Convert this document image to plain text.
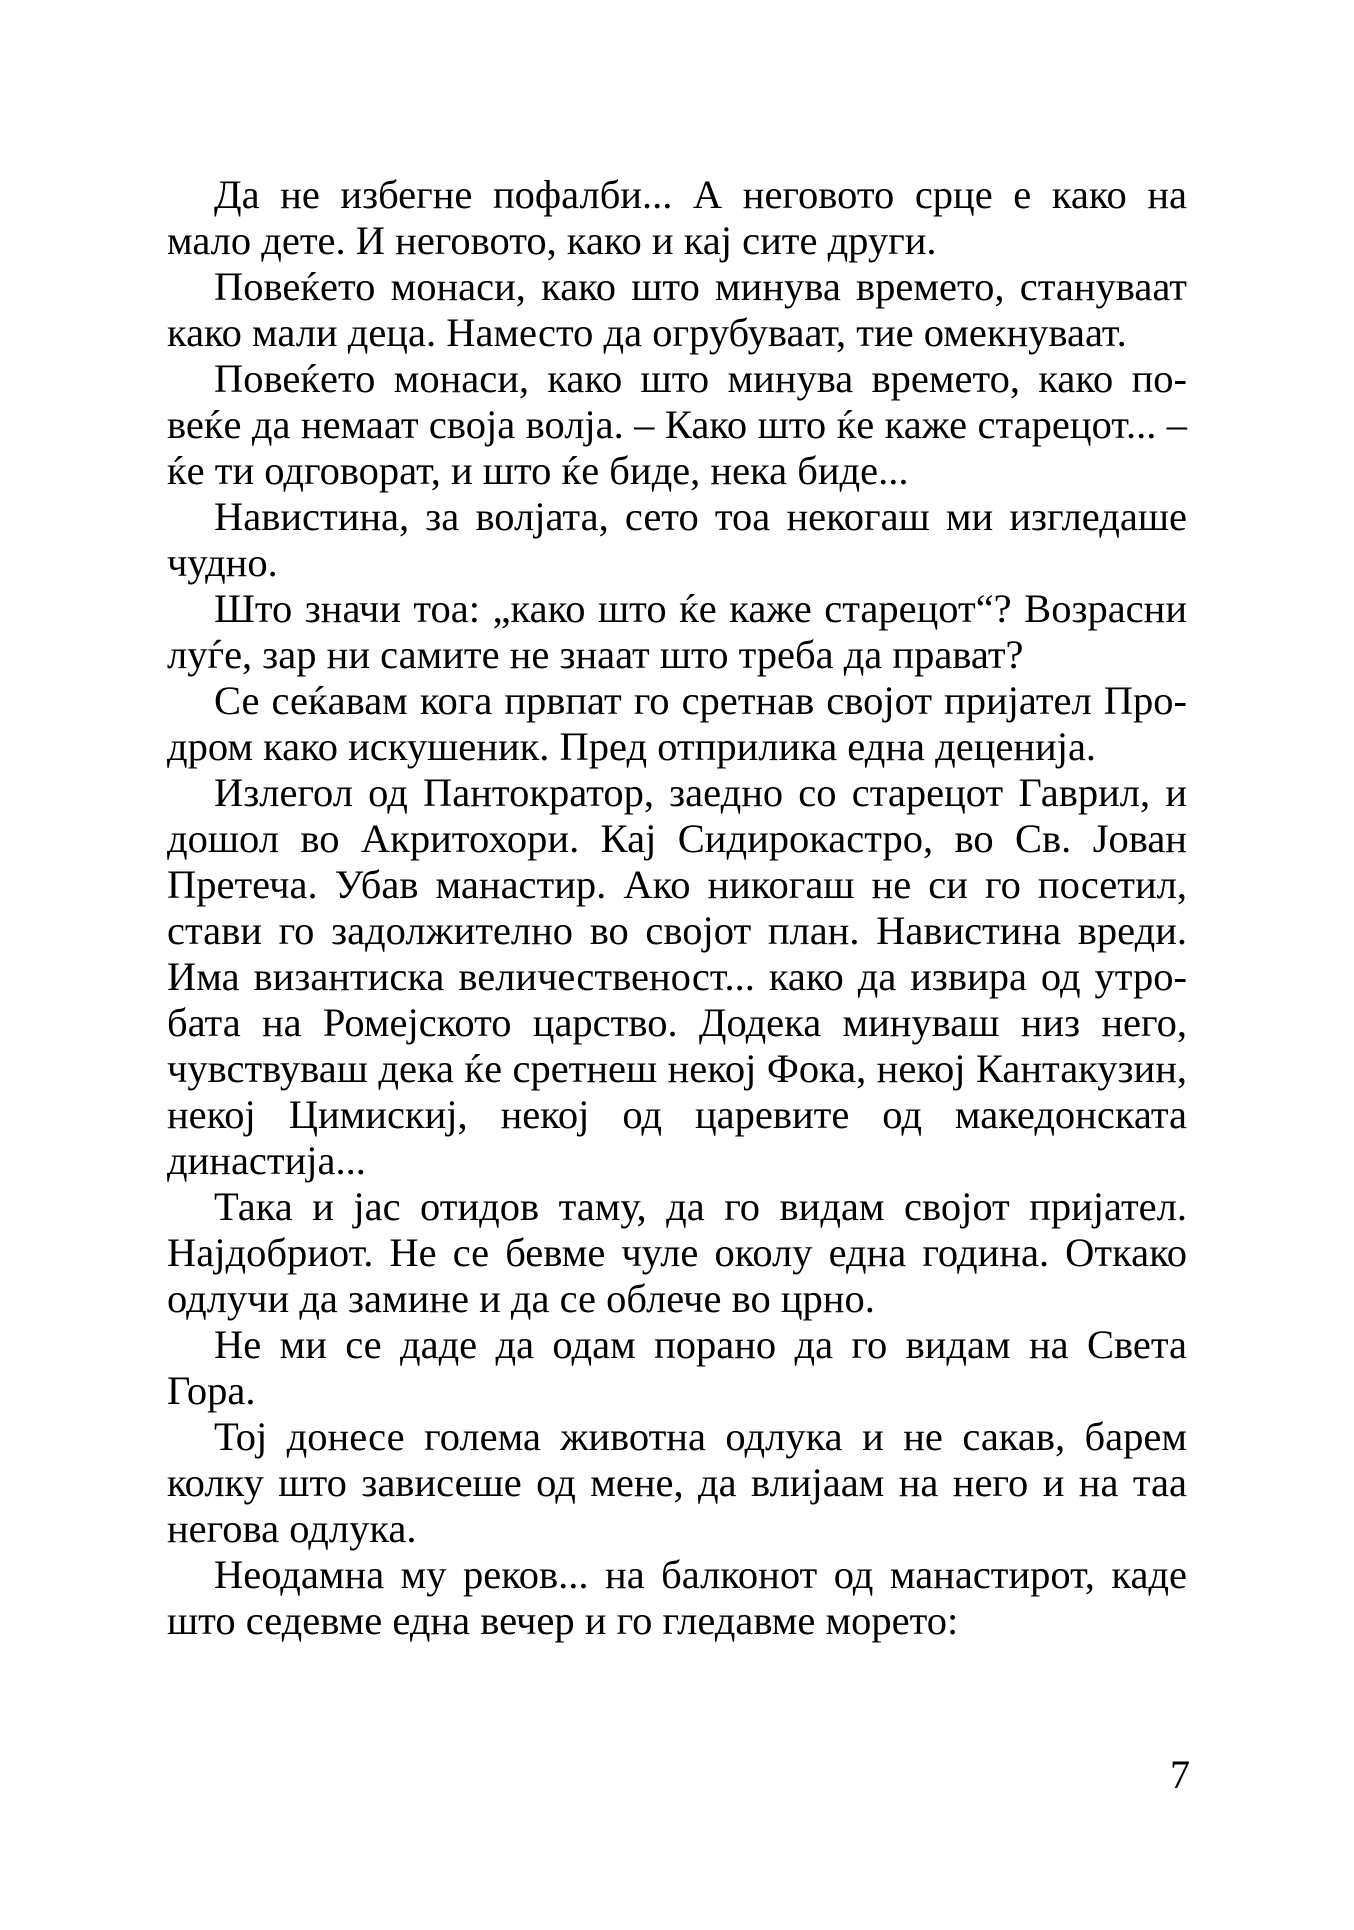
Да не избегне пофалби... А неговото срце е како на мало дете. И неговото, како и кај сите други.

Повеќето монаси, како што минува времето, стануваат како мали деца. Наместо да огрубуваат, тие омекнуваат.

Повеќето монаси, како што минува времето, како повеќе да немаат своја волја. – Како што ќе каже старецот... – ќе ти одговорат, и што ќе биде, нека биде...

Навистина, за волјата, сето тоа некогаш ми изгледаше чудно.

Што значи тоа: „како што ќе каже старецот“? Возрасни луѓе, зар ни самите не знаат што треба да прават?

Се сеќавам кога првпат го сретнав својот пријател Продром како искушеник. Пред отприлика една деценија.

Излегол од Пантократор, заедно со старецот Гаврил, и дошол во Акритохори. Кај Сидирокастро, во Св. Јован Претеча. Убав манастир. Ако никогаш не си го посетил, стави го задолжително во својот план. Навистина вреди. Има византиска величественост... како да извира од утробата на Ромејското царство. Додека минуваш низ него, чувствуваш дека ќе сретнеш некој Фока, некој Кантакузин, некој Цимискиј, некој од царевите од македонската династија...

Така и јас отидов таму, да го видам својот пријател. Најдобриот. Не се бевме чуле околу една година. Откако одлучи да замине и да се облече во црно.

Не ми се даде да одам порано да го видам на Света Гора.

Тој донесе голема животна одлука и не сакав, барем колку што зависеше од мене, да влијаам на него и на таа негова одлука.

Неодамна му реков... на балконот од манастирот, каде што седевме една вечер и го гледавме морето:

7
